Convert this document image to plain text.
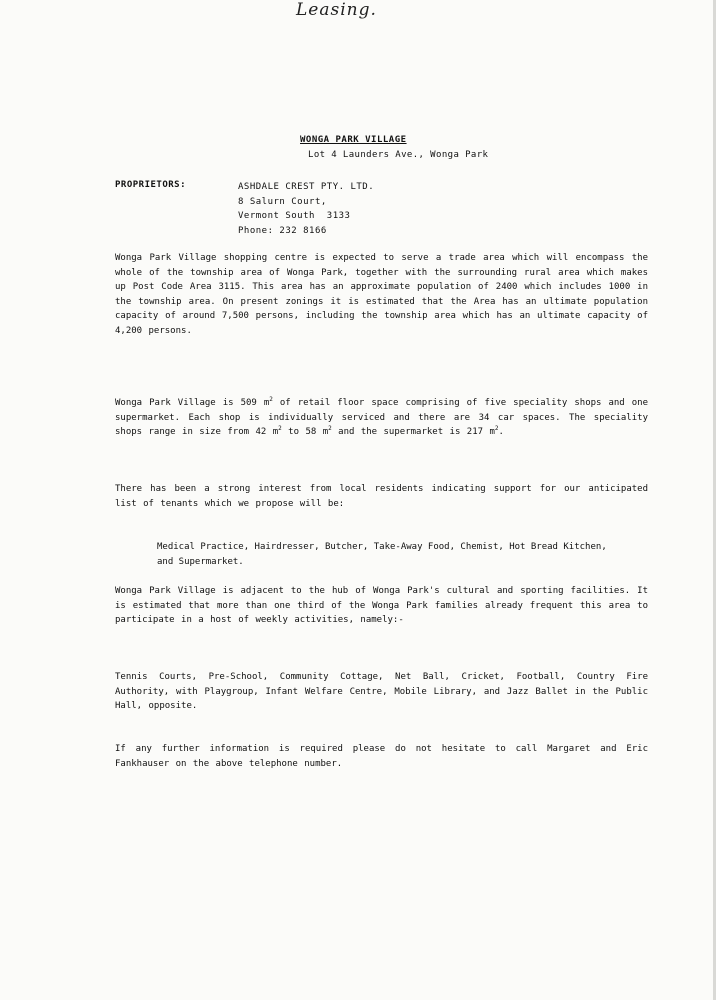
Leasing.
WONGA PARK VILLAGE
Lot 4 Launders Ave., Wonga Park
PROPRIETORS:	ASHDALE CREST PTY. LTD.
8 Salurn Court,
Vermont South  3133
Phone: 232 8166
Wonga Park Village shopping centre is expected to serve a trade area which will encompass the whole of the township area of Wonga Park, together with the surrounding rural area which makes up Post Code Area 3115. This area has an approximate population of 2400 which includes 1000 in the township area. On present zonings it is estimated that the Area has an ultimate population capacity of around 7,500 persons, including the township area which has an ultimate capacity of 4,200 persons.
Wonga Park Village is 509 $m^2$ of retail floor space comprising of five speciality shops and one supermarket. Each shop is individually serviced and there are 34 car spaces. The speciality shops range in size from 42 $m^2$ to 58 $m^2$ and the supermarket is 217 $m^2$.
There has been a strong interest from local residents indicating support for our anticipated list of tenants which we propose will be:
Medical Practice, Hairdresser, Butcher, Take-Away Food, Chemist, Hot Bread Kitchen, and Supermarket.
Wonga Park Village is adjacent to the hub of Wonga Park's cultural and sporting facilities. It is estimated that more than one third of the Wonga Park families already frequent this area to participate in a host of weekly activities, namely:-
Tennis Courts, Pre-School, Community Cottage, Net Ball, Cricket, Football, Country Fire Authority, with Playgroup, Infant Welfare Centre, Mobile Library, and Jazz Ballet in the Public Hall, opposite.
If any further information is required please do not hesitate to call Margaret and Eric Fankhauser on the above telephone number.
